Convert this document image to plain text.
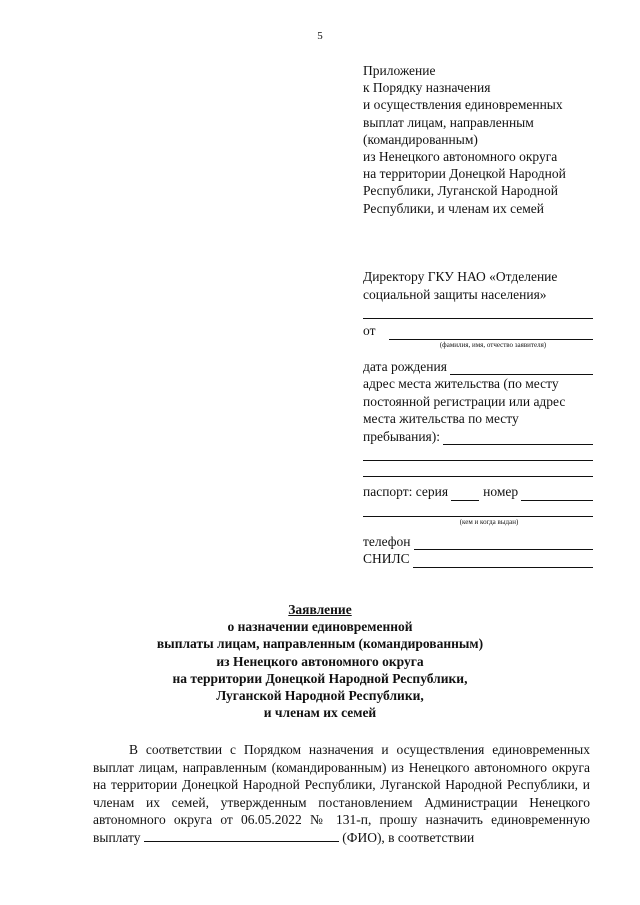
5
Приложение
к Порядку назначения
и осуществления единовременных
выплат лицам, направленным
(командированным)
из Ненецкого автономного округа
на территории Донецкой Народной
Республики, Луганской Народной
Республики, и членам их семей
Директору ГКУ НАО «Отделение
социальной защиты населения»
от
(фамилия, имя, отчество заявителя)
дата рождения
адрес места жительства (по месту
постоянной регистрации или адрес
места жительства по месту
пребывания):
паспорт: серия	номер
(кем и когда выдан)
телефон
СНИЛС
Заявление
о назначении единовременной
выплаты лицам, направленным (командированным)
из Ненецкого автономного округа
на территории Донецкой Народной Республики,
Луганской Народной Республики,
и членам их семей

В соответствии с Порядком назначения и осуществления единовременных выплат лицам, направленным (командированным) из Ненецкого автономного округа на территории Донецкой Народной Республики, Луганской Народной Республики, и членам их семей, утвержденным постановлением Администрации Ненецкого автономного округа от 06.05.2022 № 131-п, прошу назначить единовременную выплату	(ФИО), в соответствии
